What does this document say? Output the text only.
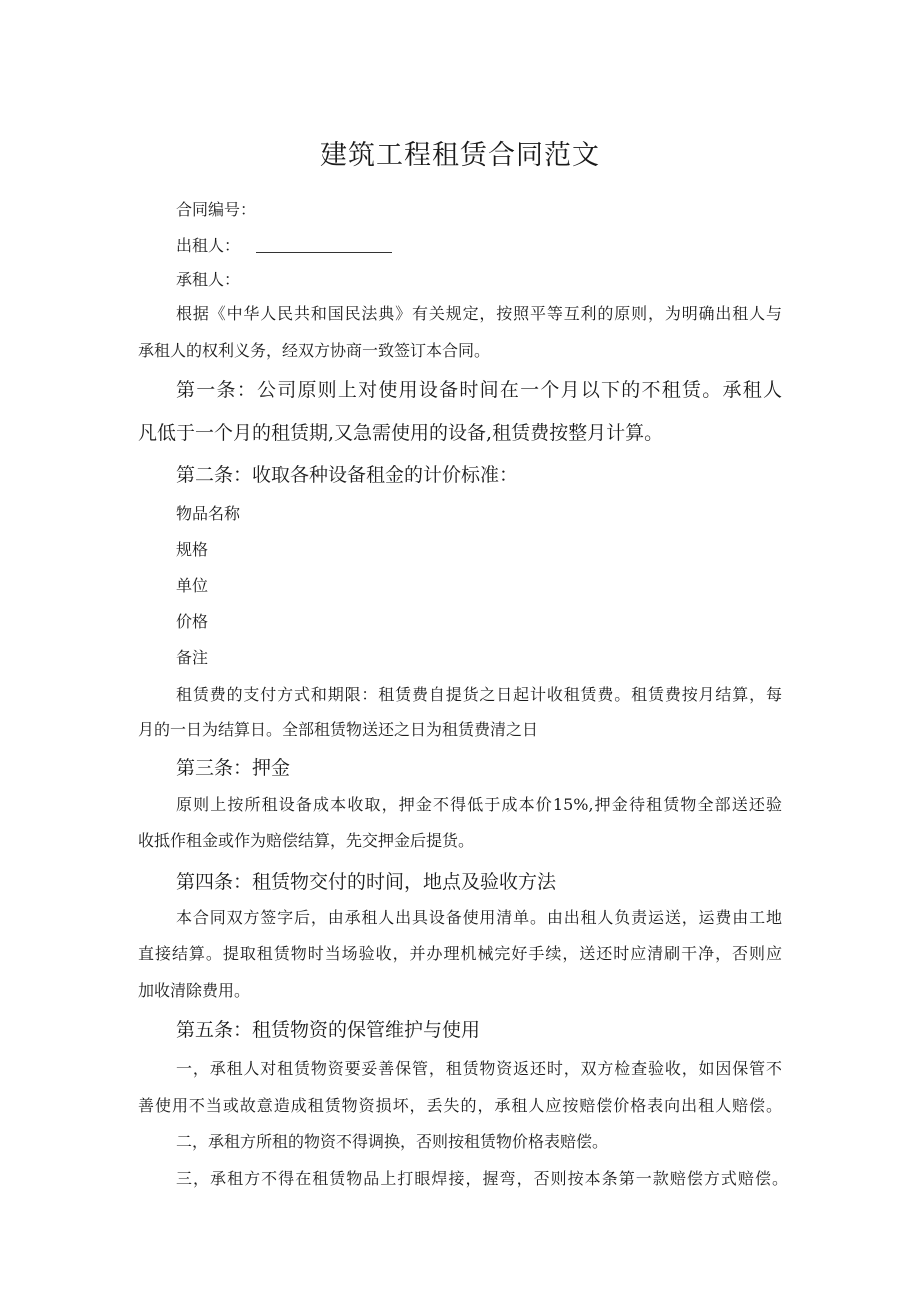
建筑工程租赁合同范文
合同编号：
出租人：
承租人：
根据《中华人民共和国民法典》有关规定，按照平等互利的原则，为明确出租人与
承租人的权利义务，经双方协商一致签订本合同。
第一条：公司原则上对使用设备时间在一个月以下的不租赁。承租人
凡低于一个月的租赁期,又急需使用的设备,租赁费按整月计算。
第二条：收取各种设备租金的计价标准：
物品名称
规格
单位
价格
备注
租赁费的支付方式和期限：租赁费自提货之日起计收租赁费。租赁费按月结算，每
月的一日为结算日。全部租赁物送还之日为租赁费清之日
第三条：押金
原则上按所租设备成本收取，押金不得低于成本价15%,押金待租赁物全部送还验
收抵作租金或作为赔偿结算，先交押金后提货。
第四条：租赁物交付的时间，地点及验收方法
本合同双方签字后，由承租人出具设备使用清单。由出租人负责运送，运费由工地
直接结算。提取租赁物时当场验收，并办理机械完好手续，送还时应清刷干净，否则应
加收清除费用。
第五条：租赁物资的保管维护与使用
一，承租人对租赁物资要妥善保管，租赁物资返还时，双方检查验收，如因保管不
善使用不当或故意造成租赁物资损坏，丢失的，承租人应按赔偿价格表向出租人赔偿。
二，承租方所租的物资不得调换，否则按租赁物价格表赔偿。
三，承租方不得在租赁物品上打眼焊接，握弯，否则按本条第一款赔偿方式赔偿。
